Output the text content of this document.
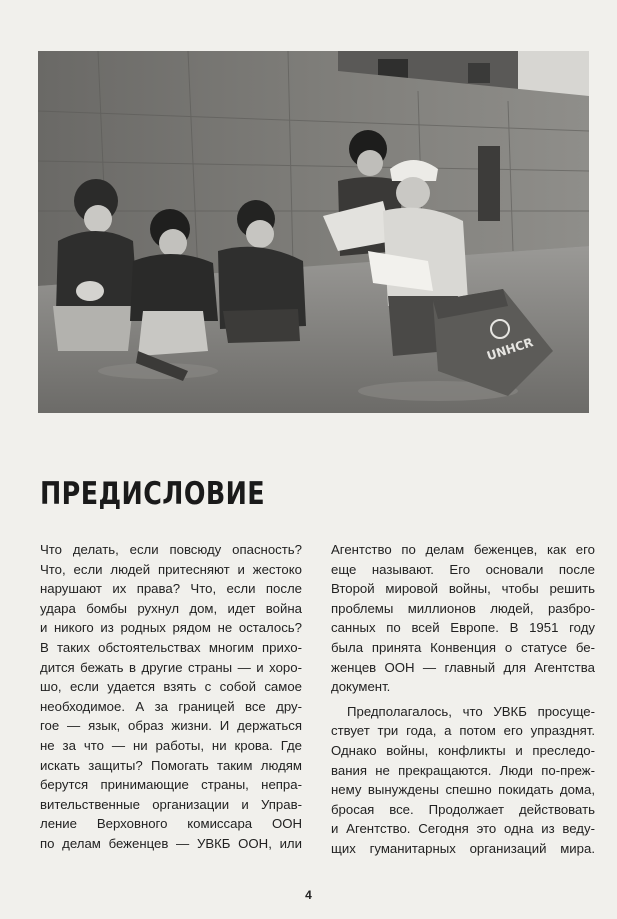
UNHCR
ПРЕДИСЛОВИЕ
Что делать, если повсюду опасность?
Что, если людей притесняют и жестоко
нарушают их права? Что, если после
удара бомбы рухнул дом, идет война
и никого из родных рядом не осталось?
В таких обстоятельствах многим прихо-
дится бежать в другие страны — и хоро-
шо, если удается взять с собой самое
необходимое. А за границей все дру-
гое — язык, образ жизни. И держаться
не за что — ни работы, ни крова. Где
искать защиты? Помогать таким людям
берутся принимающие страны, непра-
вительственные организации и Управ-
ление Верховного комиссара ООН
по делам беженцев — УВКБ ООН, или
Агентство по делам беженцев, как его
еще называют. Его основали после
Второй мировой войны, чтобы решить
проблемы миллионов людей, разбро-
санных по всей Европе. В 1951 году
была принята Конвенция о статусе бе-
женцев ООН — главный для Агентства
документ.
Предполагалось, что УВКБ просуще-
ствует три года, а потом его упразднят.
Однако войны, конфликты и преследо-
вания не прекращаются. Люди по-преж-
нему вынуждены спешно покидать дома,
бросая все. Продолжает действовать
и Агентство. Сегодня это одна из веду-
щих гуманитарных организаций мира.
4
